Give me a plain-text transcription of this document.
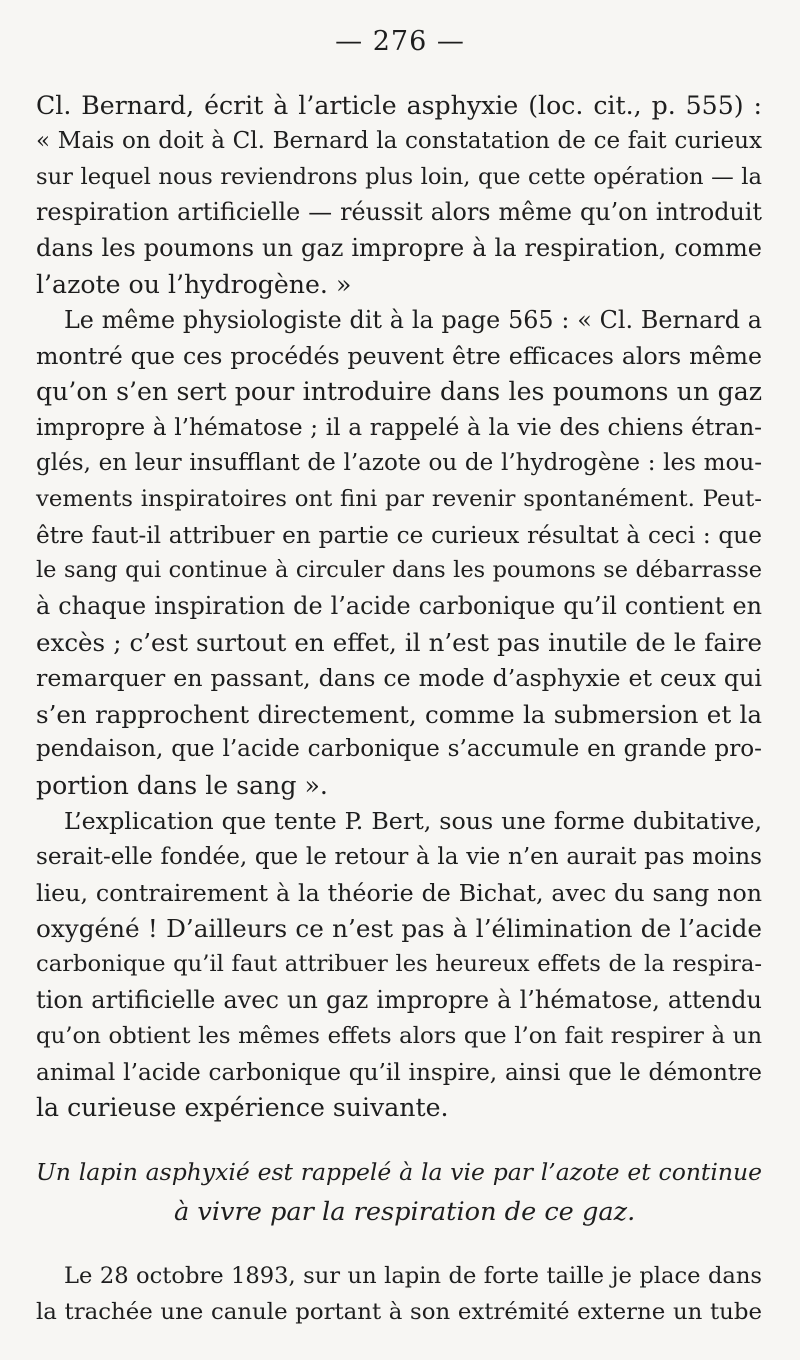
— 276 —
Cl. Bernard, écrit à l’article asphyxie (loc. cit., p. 555) :
« Mais on doit à Cl. Bernard la constatation de ce fait curieux
sur lequel nous reviendrons plus loin, que cette opération — la
respiration artificielle — réussit alors même qu’on introduit
dans les poumons un gaz impropre à la respiration, comme
l’azote ou l’hydrogène. »
Le même physiologiste dit à la page 565 : « Cl. Bernard a
montré que ces procédés peuvent être efficaces alors même
qu’on s’en sert pour introduire dans les poumons un gaz
impropre à l’hématose ; il a rappelé à la vie des chiens étran-
glés, en leur insufflant de l’azote ou de l’hydrogène : les mou-
vements inspiratoires ont fini par revenir spontanément. Peut-
être faut-il attribuer en partie ce curieux résultat à ceci : que
le sang qui continue à circuler dans les poumons se débarrasse
à chaque inspiration de l’acide carbonique qu’il contient en
excès ; c’est surtout en effet, il n’est pas inutile de le faire
remarquer en passant, dans ce mode d’asphyxie et ceux qui
s’en rapprochent directement, comme la submersion et la
pendaison, que l’acide carbonique s’accumule en grande pro-
portion dans le sang ».
L’explication que tente P. Bert, sous une forme dubitative,
serait-elle fondée, que le retour à la vie n’en aurait pas moins
lieu, contrairement à la théorie de Bichat, avec du sang non
oxygéné ! D’ailleurs ce n’est pas à l’élimination de l’acide
carbonique qu’il faut attribuer les heureux effets de la respira-
tion artificielle avec un gaz impropre à l’hématose, attendu
qu’on obtient les mêmes effets alors que l’on fait respirer à un
animal l’acide carbonique qu’il inspire, ainsi que le démontre
la curieuse expérience suivante.
Un lapin asphyxié est rappelé à la vie par l’azote et continue
à vivre par la respiration de ce gaz.
Le 28 octobre 1893, sur un lapin de forte taille je place dans
la trachée une canule portant à son extrémité externe un tube
